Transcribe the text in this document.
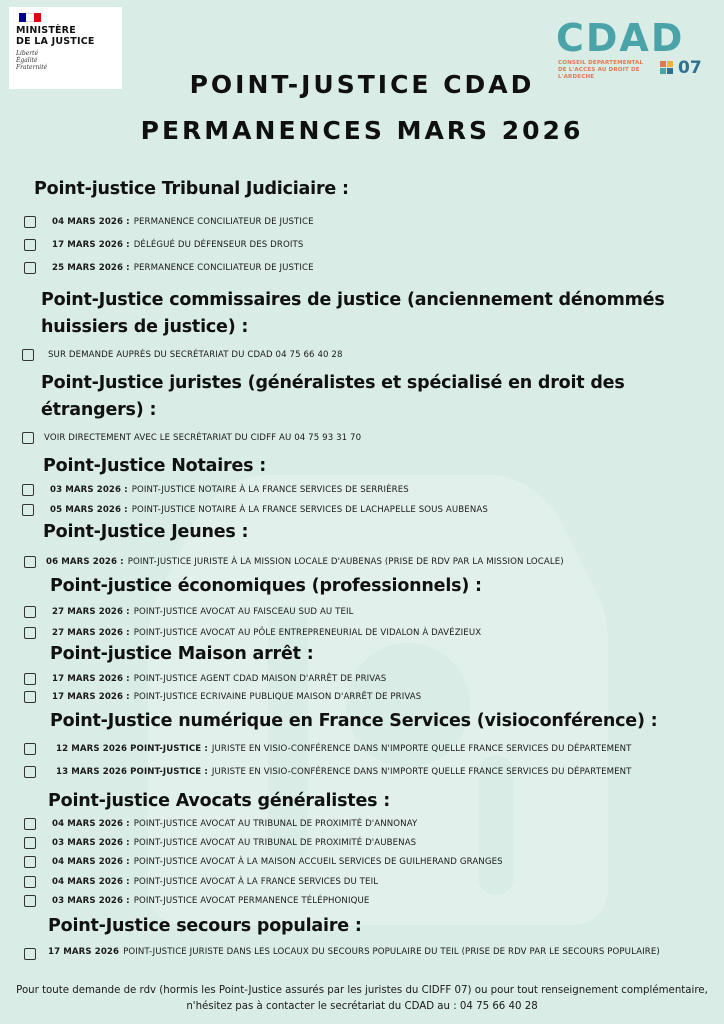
MINISTÈRE
DE LA JUSTICE
Liberté
Égalité
Fraternité
CDAD
CONSEIL DEPARTEMENTAL
DE L'ACCES AU DROIT DE L'ARDECHE	07
POINT-JUSTICE CDAD
PERMANENCES MARS 2026
Point-justice Tribunal Judiciaire :
04 MARS 2026 : PERMANENCE CONCILIATEUR DE JUSTICE
17 MARS 2026 : DÉLÉGUÉ DU DÉFENSEUR DES DROITS
25 MARS 2026 : PERMANENCE CONCILIATEUR DE JUSTICE
Point-Justice commissaires de justice (anciennement dénommés
huissiers de justice) :
SUR DEMANDE AUPRÈS DU SECRÉTARIAT DU CDAD 04 75 66 40 28
Point-Justice juristes (généralistes et spécialisé en droit des
étrangers) :
VOIR DIRECTEMENT AVEC LE SECRÉTARIAT DU CIDFF AU 04 75 93 31 70
Point-Justice Notaires :
03 MARS 2026 : POINT-JUSTICE NOTAIRE À LA FRANCE SERVICES DE SERRIÈRES
05 MARS 2026 : POINT-JUSTICE NOTAIRE À LA FRANCE SERVICES DE LACHAPELLE SOUS AUBENAS
Point-Justice Jeunes :
06 MARS 2026 : POINT-JUSTICE JURISTE À LA MISSION LOCALE D'AUBENAS (PRISE DE RDV PAR LA MISSION LOCALE)
Point-justice économiques (professionnels) :
27 MARS 2026 : POINT-JUSTICE AVOCAT AU FAISCEAU SUD AU TEIL
27 MARS 2026 : POINT-JUSTICE AVOCAT AU PÔLE ENTREPRENEURIAL DE VIDALON À DAVÉZIEUX
Point-justice Maison arrêt :
17 MARS 2026 : POINT-JUSTICE AGENT CDAD MAISON D'ARRÊT DE PRIVAS
17 MARS 2026 : POINT-JUSTICE ECRIVAINE PUBLIQUE MAISON D'ARRÊT DE PRIVAS
Point-Justice numérique en France Services (visioconférence) :
12 MARS 2026 POINT-JUSTICE : JURISTE EN VISIO-CONFÉRENCE DANS N'IMPORTE QUELLE FRANCE SERVICES DU DÉPARTEMENT
13 MARS 2026 POINT-JUSTICE : JURISTE EN VISIO-CONFÉRENCE DANS N'IMPORTE QUELLE FRANCE SERVICES DU DÉPARTEMENT
Point-justice Avocats généralistes :
04 MARS 2026 : POINT-JUSTICE AVOCAT AU TRIBUNAL DE PROXIMITÉ D'ANNONAY
03 MARS 2026 : POINT-JUSTICE AVOCAT AU TRIBUNAL DE PROXIMITÉ D'AUBENAS
04 MARS 2026 : POINT-JUSTICE AVOCAT À LA MAISON ACCUEIL SERVICES DE GUILHERAND GRANGES
04 MARS 2026 : POINT-JUSTICE AVOCAT À LA FRANCE SERVICES DU TEIL
03 MARS 2026 : POINT-JUSTICE AVOCAT PERMANENCE TÉLÉPHONIQUE
Point-Justice secours populaire :
17 MARS 2026 POINT-JUSTICE JURISTE DANS LES LOCAUX DU SECOURS POPULAIRE DU TEIL (PRISE DE RDV PAR LE SECOURS POPULAIRE)
Pour toute demande de rdv (hormis les Point-Justice assurés par les juristes du CIDFF 07) ou pour tout renseignement complémentaire, n'hésitez pas à contacter le secrétariat du CDAD au : 04 75 66 40 28
